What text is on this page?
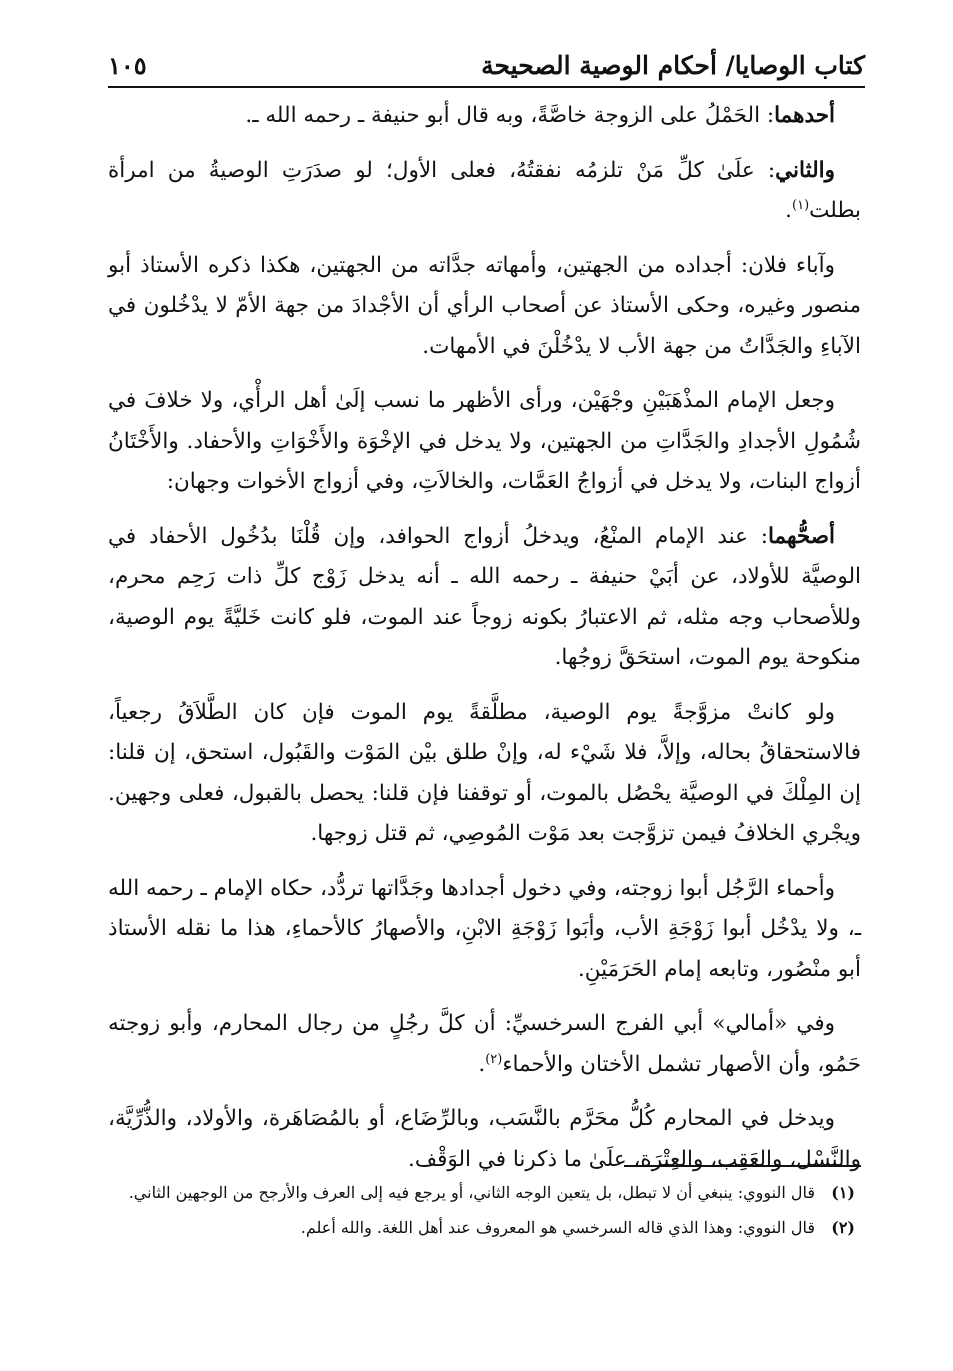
كتاب الوصايا/ أحكام الوصية الصحيحة
١٠٥

أحدهما: الحَمْلُ على الزوجة خاصَّةً، وبه قال أبو حنيفة ـ رحمه الله ـ.

والثاني: علَىٰ كلِّ مَنْ تلزمُه نفقتُهُ، فعلى الأول؛ لو صدَرَتِ الوصيةُ من امرأة بطلت$^{(١)}$.

وآباء فلان: أجداده من الجهتين، وأمهاته جدَّاته من الجهتين، هكذا ذكره الأستاذ أبو منصور وغيره، وحكى الأستاذ عن أصحاب الرأي أن الأجْدادَ من جهة الأمّ لا يدْخُلون في الآباءِ والجَدَّاتُ من جهة الأب لا يدْخُلْنَ في الأمهات.

وجعل الإمام المذْهَبَيْنِ وجْهَيْن، ورأى الأظهر ما نسب إلَىٰ أهل الرأْي، ولا خلافَ في شُمُولِ الأجدادِ والجَدَّاتِ من الجهتين، ولا يدخل في الإخْوَة والأَخْوَاتِ والأحفاد. والأَخْتَانُ أزواج البنات، ولا يدخل في أزواجُ العَمَّات، والخالاَتِ، وفي أزواج الأخوات وجهان:

أصحُّهما: عند الإمام المنْعُ، ويدخلُ أزواج الحوافد، وإن قُلْنَا بدُخُول الأحفاد في الوصيَّة للأولاد، عن أبَيْ حنيفة ـ رحمه الله ـ أنه يدخل زَوْج كلِّ ذات رَحِم محرم، وللأصحاب وجه مثله، ثم الاعتبارُ بكونه زوجاً عند الموت، فلو كانت خَليَّةً يوم الوصية، منكوحة يوم الموت، استحَقَّ زوجُها.

ولو كانتْ مزوَّجةً يوم الوصية، مطلَّقةً يوم الموت فإن كان الطَّلاَقُ رجعياً، فالاستحقاقُ بحاله، وإلاَّ، فلا شَيْء له، وإنْ طلق بيْن المَوْت والقَبُول، استحق، إن قلنا: إن المِلْكَ في الوصيَّة يحْصُل بالموت، أو توقفنا فإن قلنا: يحصل بالقبول، فعلى وجهين. ويجْري الخلافُ فيمن تزوَّجت بعد مَوْت المُوصِي، ثم قتل زوجها.

وأحماء الرَّجُل أبوا زوجته، وفي دخول أجدادها وجَدَّاتها تردُّد، حكاه الإمام ـ رحمه الله ـ، ولا يدْخُل أبوا زَوْجَةِ الأب، وأبَوا زَوْجَةِ الابْنِ، والأصهارُ كالأحماءِ، هذا ما نقله الأستاذ أبو منْصُور، وتابعه إمام الحَرَمَيْنِ.

وفي «أمالي» أبي الفرج السرخسيِّ: أن كلَّ رجُلٍ من رجال المحارم، وأبو زوجته حَمُو، وأن الأصهار تشمل الأختان والأحماء$^{(٢)}$.

ويدخل في المحارم كُلُّ محَرَّم بالنَّسَب، وبالرِّضَاع، أو بالمُصَاهَرة، والأولاد، والذُّرِّيَّة، والنَّسْل، والعَقِب، والعِتْرَة، علَىٰ ما ذكرنا في الوَقْف.

(١)
قال النووي: ينبغي أن لا تبطل، بل يتعين الوجه الثاني، أو يرجع فيه إلى العرف والأرجح من الوجهين الثاني.
(٢)
قال النووي: وهذا الذي قاله السرخسي هو المعروف عند أهل اللغة. والله أعلم.
